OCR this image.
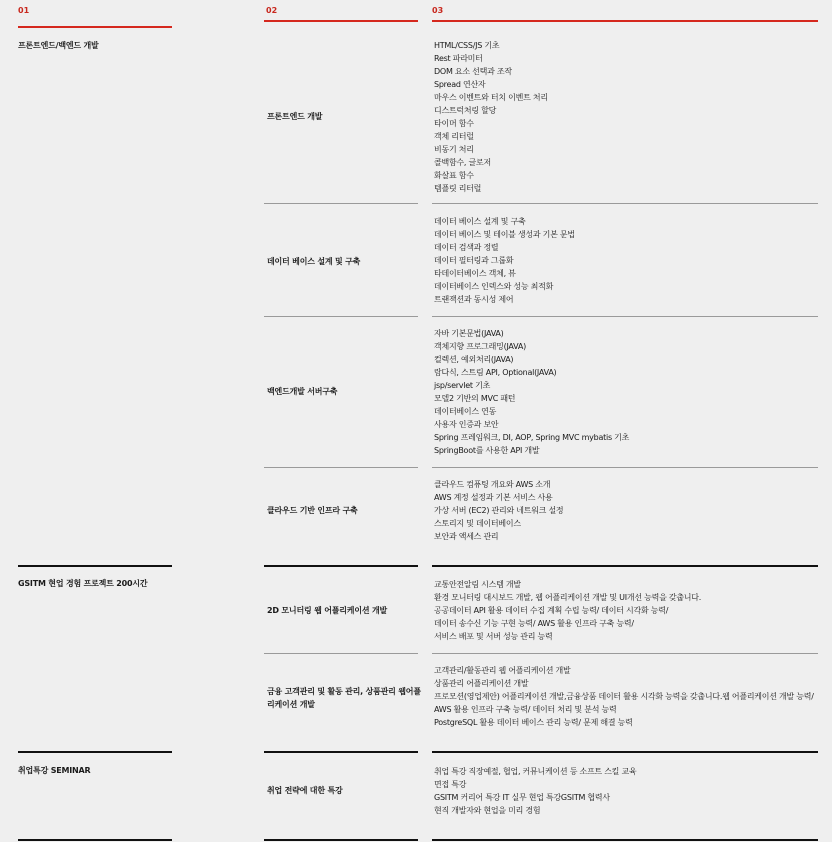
01	02	03
프론트엔드/백엔드 개발
GSITM 현업 경험 프로젝트 200시간
취업특강 SEMINAR
프론트엔드 개발
HTML/CSS/JS 기초
Rest 파라미터
DOM 요소 선택과 조작
Spread 연산자
마우스 이벤트와 터치 이벤트 처리
디스트럭처링 할당
타이머 함수
객체 리터럴
비동기 처리
콜백함수, 글로저
화살표 함수
템플릿 리터럴
데이터 베이스 설계 및 구축
데이터 베이스 설계 및 구축
데이터 베이스 및 테이블 생성과 기본 문법
데이터 검색과 정렬
데이터 필터링과 그룹화
타데이터베이스 객체, 뷰
데이터베이스 인덱스와 성능 최적화
트랜잭션과 동시성 제어
백엔드개발 서버구축
자바 기본문법(JAVA)
객체지향 프로그래밍(JAVA)
컬렉션, 예외처리(JAVA)
람다식, 스트림 API, Optional(JAVA)
jsp/servlet 기초
모델2 기반의 MVC 패턴
데이터베이스 연동
사용자 인증과 보안
Spring 프레임워크, DI, AOP, Spring MVC mybatis 기초
SpringBoot를 사용한 API 개발
클라우드 기반 인프라 구축
클라우드 컴퓨팅 개요와 AWS 소개
AWS 계정 설정과 기본 서비스 사용
가상 서버 (EC2) 관리와 네트워크 설정
스토리지 및 데이터베이스
보안과 액세스 관리
2D 모니터링 웹 어플리케이션 개발
교통안전알림 시스템 개발
환경 모니터링 대시보드 개발, 웹 어플리케이션 개발 및 UI개선 능력을 갖춥니다.
공공데이터 API 활용 데이터 수집 계획 수립 능력/ 데이터 시각화 능력/
데이터 송수신 기능 구현 능력/ AWS 활용 인프라 구축 능력/
서비스 배포 및 서버 성능 관리 능력
금융 고객관리 및 활동 관리, 상품관리 웹어플리케이션 개발
고객관리/활동관리 웹 어플리케이션 개발
상품관리 어플리케이션 개발
프로모션(영업제안) 어플리케이션 개발,금융상품 데이터 활용 시각화 능력을 갖춥니다.웹 어플리케이션 개발 능력/ AWS 활용 인프라 구축 능력/ 데이터 처리 및 분석 능력
PostgreSQL 활용 데이터 베이스 관리 능력/ 문제 해결 능력
취업 전략에 대한 특강
취업 특강 직장예절, 협업, 커뮤니케이션 등 소프트 스킬 교육
면접 특강
GSITM 커리어 특강 IT 실무 현업 특강GSITM 협력사
현직 개발자와 현업을 미리 경험
